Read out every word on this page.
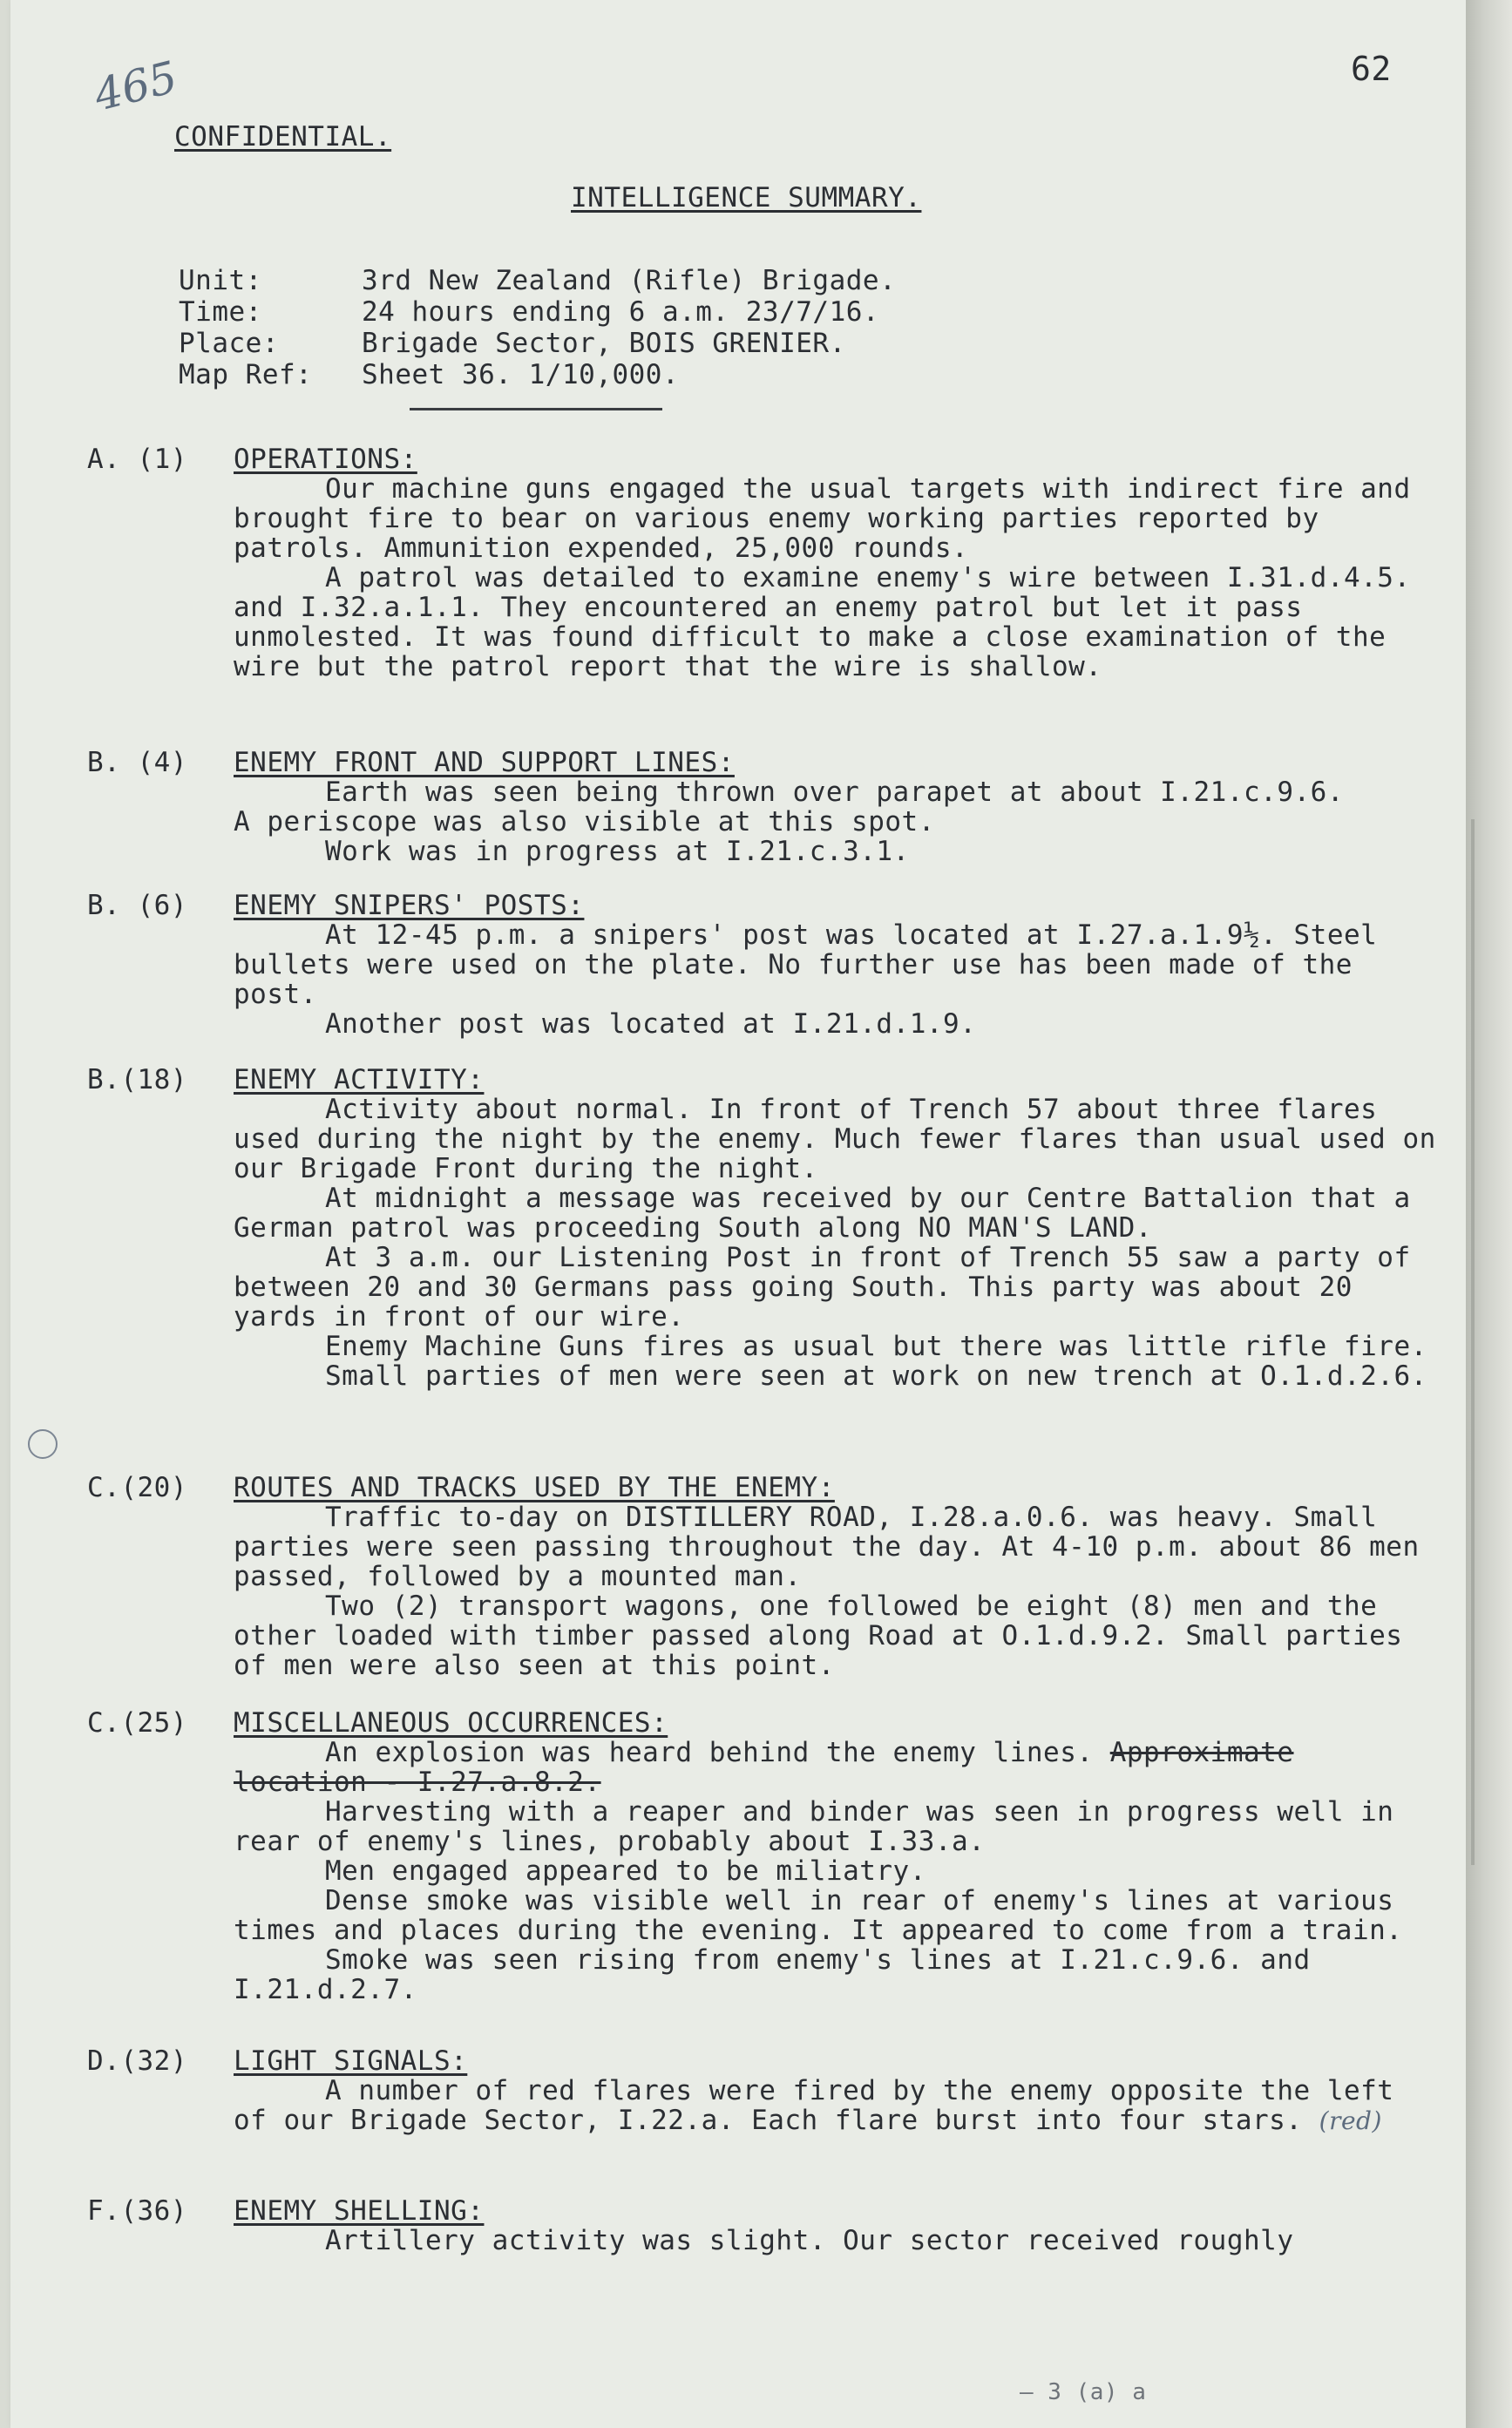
465	62
CONFIDENTIAL.
INTELLIGENCE SUMMARY.
Unit:	3rd New Zealand (Rifle) Brigade.
Time:	24 hours ending 6 a.m. 23/7/16.
Place:	Brigade Sector, BOIS GRENIER.
Map Ref: Sheet 36. 1/10,000.
A. (1)	OPERATIONS:

Our machine guns engaged the usual targets with indirect fire and brought fire to bear on various enemy working parties reported by patrols. Ammunition expended, 25,000 rounds.

A patrol was detailed to examine enemy's wire between I.31.d.4.5. and I.32.a.1.1. They encountered an enemy patrol but let it pass unmolested. It was found difficult to make a close examination of the wire but the patrol report that the wire is shallow.

B. (4)	ENEMY FRONT AND SUPPORT LINES:

Earth was seen being thrown over parapet at about I.21.c.9.6.

A periscope was also visible at this spot.

Work was in progress at I.21.c.3.1.

B. (6)	ENEMY SNIPERS' POSTS:

At 12-45 p.m. a snipers' post was located at I.27.a.1.9½. Steel bullets were used on the plate. No further use has been made of the post.

Another post was located at I.21.d.1.9.

B.(18)	ENEMY ACTIVITY:

Activity about normal. In front of Trench 57 about three flares used during the night by the enemy. Much fewer flares than usual used on our Brigade Front during the night.

At midnight a message was received by our Centre Battalion that a German patrol was proceeding South along NO MAN'S LAND.

At 3 a.m. our Listening Post in front of Trench 55 saw a party of between 20 and 30 Germans pass going South. This party was about 20 yards in front of our wire.

Enemy Machine Guns fires as usual but there was little rifle fire.

Small parties of men were seen at work on new trench at O.1.d.2.6.

C.(20)	ROUTES AND TRACKS USED BY THE ENEMY:

Traffic to-day on DISTILLERY ROAD, I.28.a.0.6. was heavy. Small parties were seen passing throughout the day. At 4-10 p.m. about 86 men passed, followed by a mounted man.

Two (2) transport wagons, one followed be eight (8) men and the other loaded with timber passed along Road at O.1.d.9.2. Small parties of men were also seen at this point.

C.(25)	MISCELLANEOUS OCCURRENCES:

An explosion was heard behind the enemy lines. Approximate location - I.27.a.8.2.

Harvesting with a reaper and binder was seen in progress well in rear of enemy's lines, probably about I.33.a.

Men engaged appeared to be miliatry.

Dense smoke was visible well in rear of enemy's lines at various times and places during the evening. It appeared to come from a train.

Smoke was seen rising from enemy's lines at I.21.c.9.6. and I.21.d.2.7.

D.(32)	LIGHT SIGNALS:

A number of red flares were fired by the enemy opposite the left of our Brigade Sector, I.22.a. Each flare burst into four stars. (red)

F.(36)	ENEMY SHELLING:

Artillery activity was slight. Our sector received roughly

— 3 (a) a
